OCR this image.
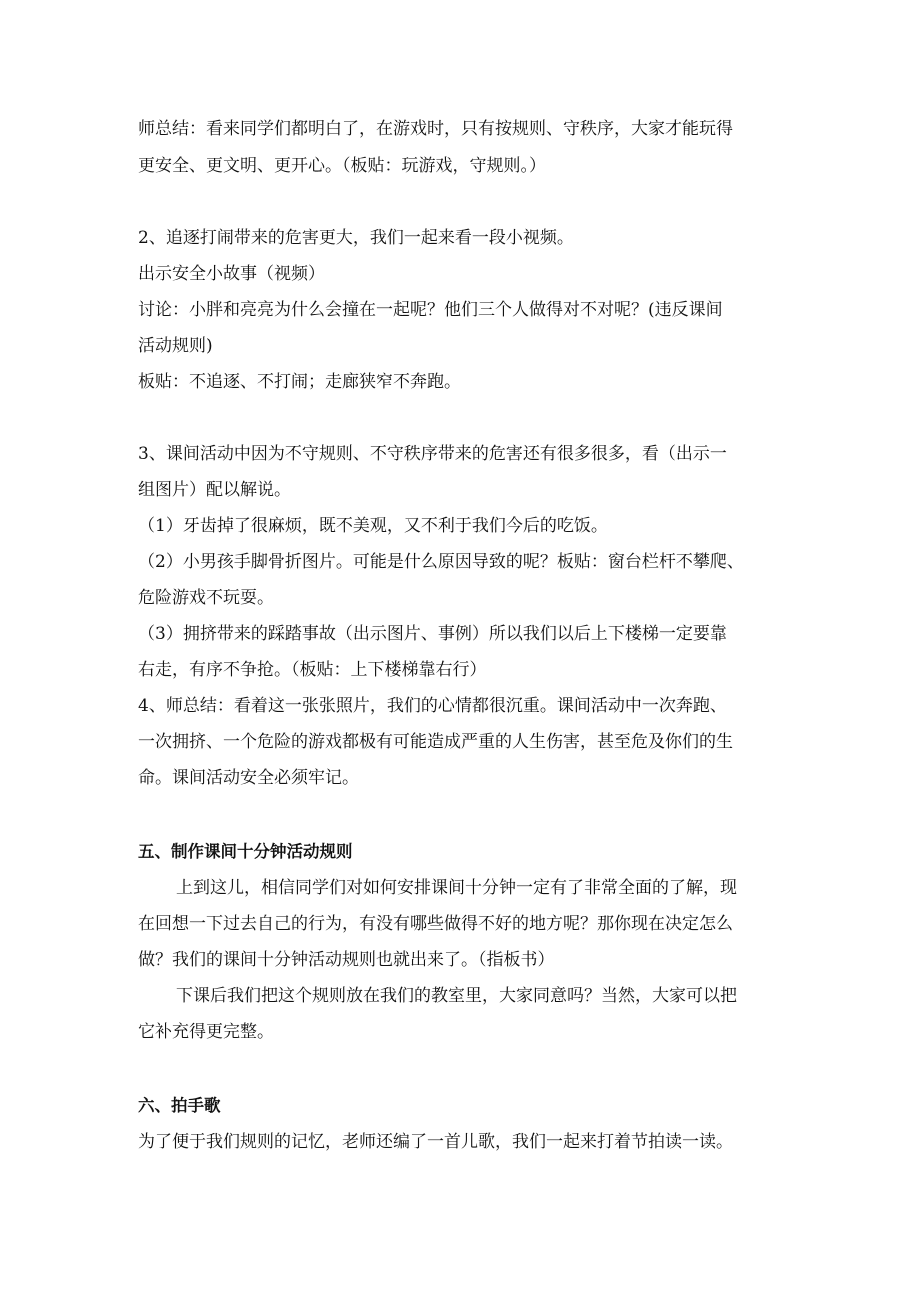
师总结：看来同学们都明白了，在游戏时，只有按规则、守秩序，大家才能玩得
更安全、更文明、更开心。（板贴：玩游戏，守规则。）
2、追逐打闹带来的危害更大，我们一起来看一段小视频。
出示安全小故事（视频）
讨论：小胖和亮亮为什么会撞在一起呢？他们三个人做得对不对呢？(违反课间
活动规则)
板贴：不追逐、不打闹；走廊狭窄不奔跑。
3、课间活动中因为不守规则、不守秩序带来的危害还有很多很多，看（出示一
组图片）配以解说。
（1）牙齿掉了很麻烦，既不美观，又不利于我们今后的吃饭。
（2）小男孩手脚骨折图片。可能是什么原因导致的呢？板贴：窗台栏杆不攀爬、
危险游戏不玩耍。
（3）拥挤带来的踩踏事故（出示图片、事例）所以我们以后上下楼梯一定要靠
右走，有序不争抢。（板贴：上下楼梯靠右行）
4、师总结：看着这一张张照片，我们的心情都很沉重。课间活动中一次奔跑、
一次拥挤、一个危险的游戏都极有可能造成严重的人生伤害，甚至危及你们的生
命。课间活动安全必须牢记。
五、制作课间十分钟活动规则
上到这儿，相信同学们对如何安排课间十分钟一定有了非常全面的了解，现
在回想一下过去自己的行为，有没有哪些做得不好的地方呢？那你现在决定怎么
做？我们的课间十分钟活动规则也就出来了。（指板书）
下课后我们把这个规则放在我们的教室里，大家同意吗？当然，大家可以把
它补充得更完整。
六、拍手歌
为了便于我们规则的记忆，老师还编了一首儿歌，我们一起来打着节拍读一读。
